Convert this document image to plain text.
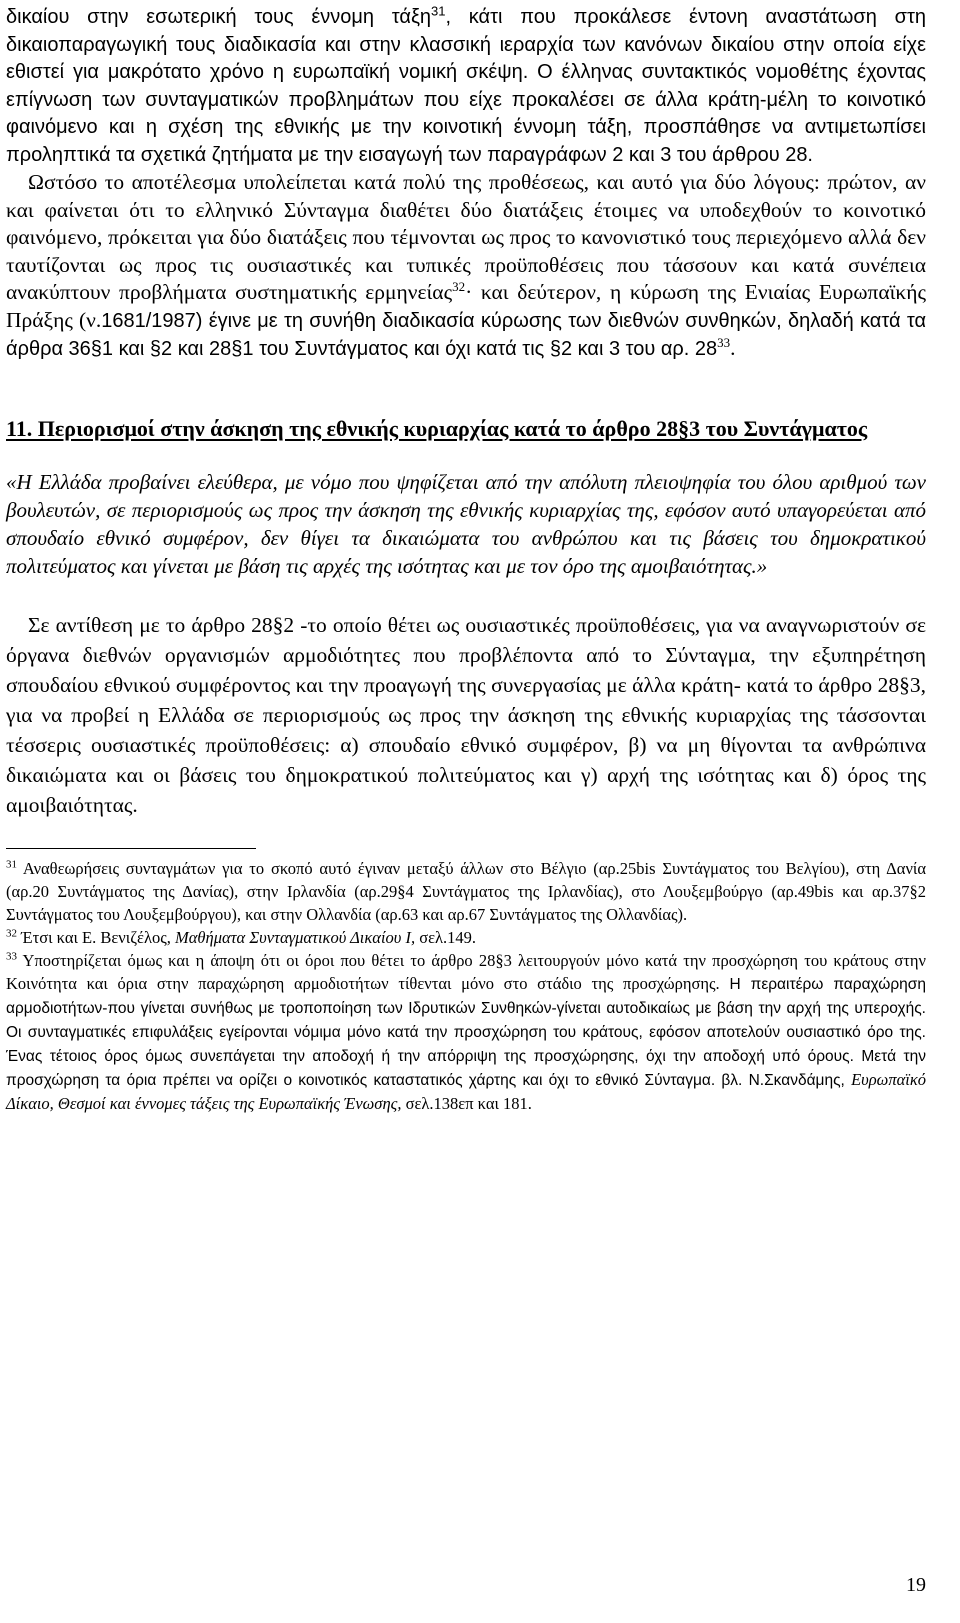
δικαίου στην εσωτερική τους έννομη τάξη$^{31}$, κάτι που προκάλεσε έντονη αναστάτωση στη δικαιοπαραγωγική τους διαδικασία και στην κλασσική ιεραρχία των κανόνων δικαίου στην οποία είχε εθιστεί για μακρότατο χρόνο η ευρωπαϊκή νομική σκέψη. Ο έλληνας συντακτικός νομοθέτης έχοντας επίγνωση των συνταγματικών προβλημάτων που είχε προκαλέσει σε άλλα κράτη-μέλη το κοινοτικό φαινόμενο και η σχέση της εθνικής με την κοινοτική έννομη τάξη, προσπάθησε να αντιμετωπίσει προληπτικά τα σχετικά ζητήματα με την εισαγωγή των παραγράφων 2 και 3 του άρθρου 28.

Ωστόσο το αποτέλεσμα υπολείπεται κατά πολύ της προθέσεως, και αυτό για δύο λόγους: πρώτον, αν και φαίνεται ότι το ελληνικό Σύνταγμα διαθέτει δύο διατάξεις έτοιμες να υποδεχθούν το κοινοτικό φαινόμενο, πρόκειται για δύο διατάξεις που τέμνονται ως προς το κανονιστικό τους περιεχόμενο αλλά δεν ταυτίζονται ως προς τις ουσιαστικές και τυπικές προϋποθέσεις που τάσσουν και κατά συνέπεια ανακύπτουν προβλήματα συστηματικής ερμηνείας$^{32}$· και δεύτερον, η κύρωση της Ενιαίας Ευρωπαϊκής Πράξης (ν.1681/1987) έγινε με τη συνήθη διαδικασία κύρωσης των διεθνών συνθηκών, δηλαδή κατά τα άρθρα 36§1 και §2 και 28§1 του Συντάγματος και όχι κατά τις §2 και 3 του αρ. $28^{33}$.

11. Περιορισμοί στην άσκηση της εθνικής κυριαρχίας κατά το άρθρο 28§3 του Συντάγματος

«Η Ελλάδα προβαίνει ελεύθερα, με νόμο που ψηφίζεται από την απόλυτη πλειοψηφία του όλου αριθμού των βουλευτών, σε περιορισμούς ως προς την άσκηση της εθνικής κυριαρχίας της, εφόσον αυτό υπαγορεύεται από σπουδαίο εθνικό συμφέρον, δεν θίγει τα δικαιώματα του ανθρώπου και τις βάσεις του δημοκρατικού πολιτεύματος και γίνεται με βάση τις αρχές της ισότητας και με τον όρο της αμοιβαιότητας.»

Σε αντίθεση με το άρθρο 28§2 -το οποίο θέτει ως ουσιαστικές προϋποθέσεις, για να αναγνωριστούν σε όργανα διεθνών οργανισμών αρμοδιότητες που προβλέποντα από το Σύνταγμα, την εξυπηρέτηση σπουδαίου εθνικού συμφέροντος και την προαγωγή της συνεργασίας με άλλα κράτη- κατά το άρθρο 28§3, για να προβεί η Ελλάδα σε περιορισμούς ως προς την άσκηση της εθνικής κυριαρχίας της τάσσονται τέσσερις ουσιαστικές προϋποθέσεις: α) σπουδαίο εθνικό συμφέρον, β) να μη θίγονται τα ανθρώπινα δικαιώματα και οι βάσεις του δημοκρατικού πολιτεύματος και γ) αρχή της ισότητας και δ) όρος της αμοιβαιότητας.

$^{31}$ Αναθεωρήσεις συνταγμάτων για το σκοπό αυτό έγιναν μεταξύ άλλων στο Βέλγιο (αρ.25bis Συντάγματος του Βελγίου), στη Δανία (αρ.20 Συντάγματος της Δανίας), στην Ιρλανδία (αρ.29§4 Συντάγματος της Ιρλανδίας), στο Λουξεμβούργο (αρ.49bis και αρ.37§2 Συντάγματος του Λουξεμβούργου), και στην Ολλανδία (αρ.63 και αρ.67 Συντάγματος της Ολλανδίας).

$^{32}$ Έτσι και Ε. Βενιζέλος, Μαθήματα Συνταγματικού Δικαίου Ι, σελ.149.

$^{33}$ Υποστηρίζεται όμως και η άποψη ότι οι όροι που θέτει το άρθρο 28§3 λειτουργούν μόνο κατά την προσχώρηση του κράτους στην Κοινότητα και όρια στην παραχώρηση αρμοδιοτήτων τίθενται μόνο στο στάδιο της προσχώρησης. Η περαιτέρω παραχώρηση αρμοδιοτήτων-που γίνεται συνήθως με τροποποίηση των Ιδρυτικών Συνθηκών-γίνεται αυτοδικαίως με βάση την αρχή της υπεροχής. Οι συνταγματικές επιφυλάξεις εγείρονται νόμιμα μόνο κατά την προσχώρηση του κράτους, εφόσον αποτελούν ουσιαστικό όρο της. Ένας τέτοιος όρος όμως συνεπάγεται την αποδοχή ή την απόρριψη της προσχώρησης, όχι την αποδοχή υπό όρους. Μετά την προσχώρηση τα όρια πρέπει να ορίζει ο κοινοτικός καταστατικός χάρτης και όχι το εθνικό Σύνταγμα. βλ. Ν.Σκανδάμης, Ευρωπαϊκό Δίκαιο, Θεσμοί και έννομες τάξεις της Ευρωπαϊκής Ένωσης, σελ.138επ και 181.

19
